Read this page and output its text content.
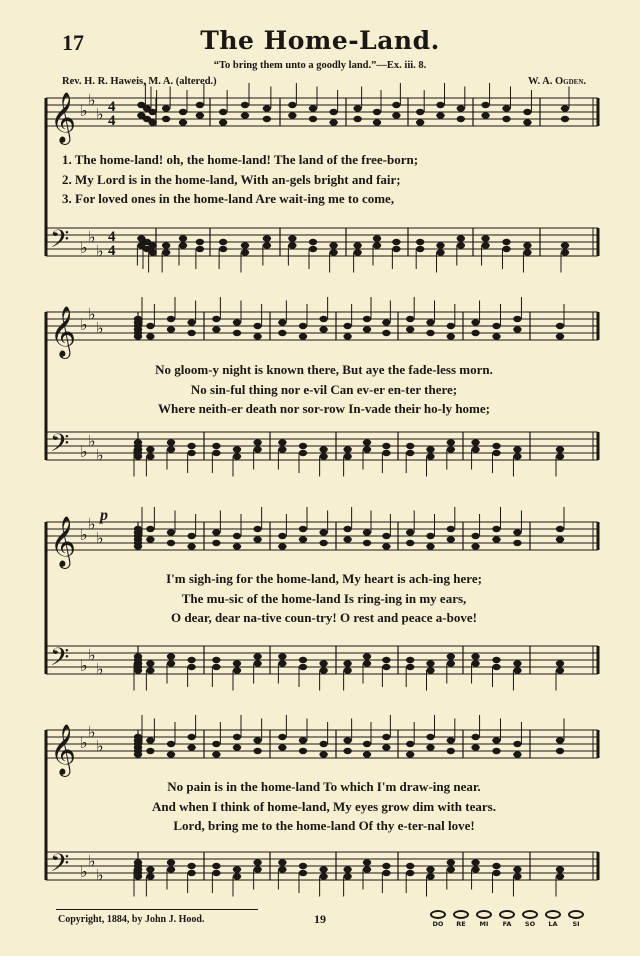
17	The Home-Land.
“To bring them unto a goodly land.”—Ex. iii. 8.
Rev. H. R. Haweis, M. A. (altered.)	W. A. Ogden.
𝄞
𝄢
♭
♭
♭
♭
♭
♭
4
4
4
4
𝄞
𝄢
♭
♭
♭
♭
♭
♭
𝄞
𝄢
♭
♭
♭
♭
♭
♭
𝄞
𝄢
♭
♭
♭
♭
♭
♭
p
1. The home-land! oh, the home-land! The land of the free-born;
2. My Lord is in the home-land, With an-gels bright and fair;
3. For loved ones in the home-land Are wait-ing me to come,
No gloom-y night is known there, But aye the fade-less morn.
No sin-ful thing nor e-vil Can ev-er en-ter there;
Where neith-er death nor sor-row In-vade their ho-ly home;
I'm sigh-ing for the home-land, My heart is ach-ing here;
The mu-sic of the home-land Is ring-ing in my ears,
O dear, dear na-tive coun-try! O rest and peace a-bove!
No pain is in the home-land To which I'm draw-ing near.
And when I think of home-land, My eyes grow dim with tears.
Lord, bring me to the home-land Of thy e-ter-nal love!
Copyright, 1884, by John J. Hood.	19	DO	RE	MI	FA	SO	LA	SI
